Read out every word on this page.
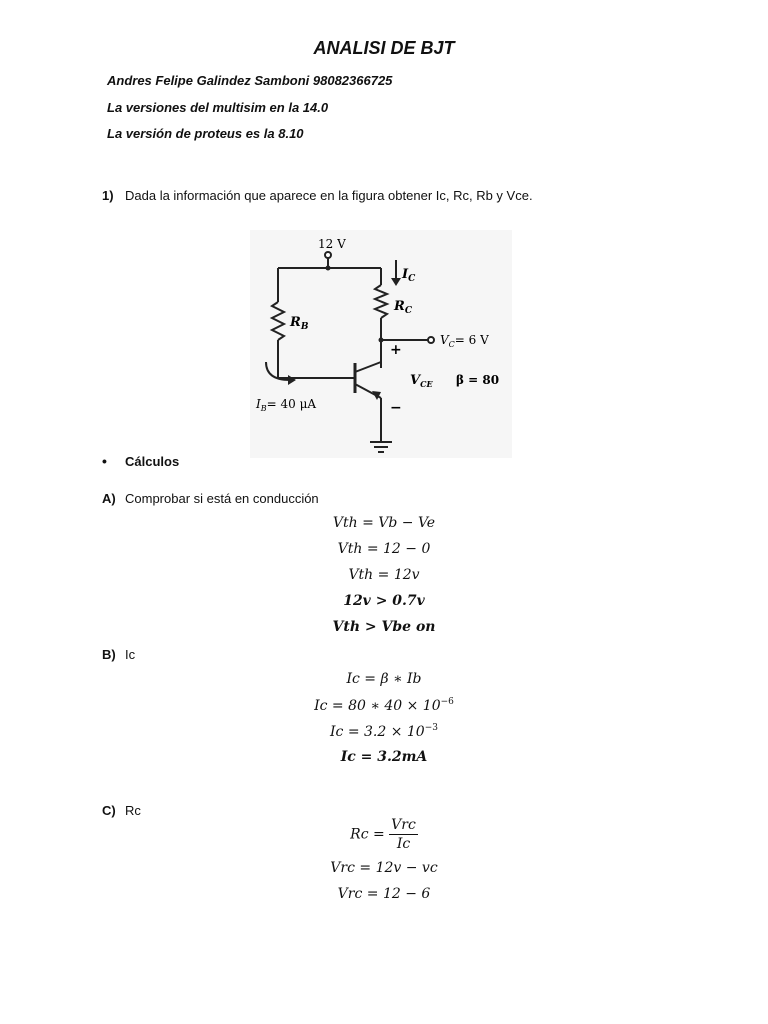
ANALISI DE BJT
Andres Felipe Galindez Samboni 98082366725
La versiones del multisim en la 14.0
La versión de proteus es la 8.10
1) Dada la información que aparece en la figura obtener Ic, Rc, Rb y Vce.
12 V
$I_C$
$R_C$
$R_B$
$V_C= 6$ V
+
−
$V_{CE}$ β = 80
$I_B= 40$ μA
• Cálculos
A) Comprobar si está en conducción
Vth = Vb − Ve
Vth = 12 − 0
Vth = 12v
12v > 0.7v
Vth > Vbe on
B) Ic
Ic = β ∗ Ib
Ic = 80 ∗ $40 \times 10^{-6}$
$Ic = 3.2 \times 10^{-3}$
Ic = 3.2mA
C) Rc
$Rc = \frac{\text{Vrc}}{Ic}$
Vrc = 12v − vc
Vrc = 12 − 6
